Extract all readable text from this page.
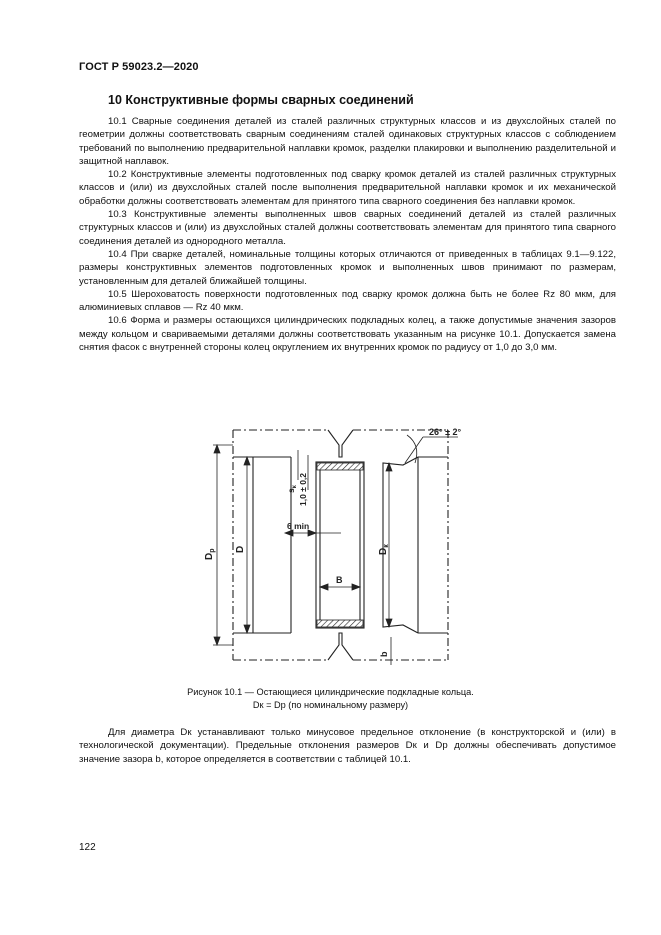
ГОСТ Р 59023.2—2020
10 Конструктивные формы сварных соединений

10.1 Сварные соединения деталей из сталей различных структурных классов и из двухслойных сталей по геометрии должны соответствовать сварным соединениям сталей одинаковых структурных классов с соблюдением требований по выполнению предварительной наплавки кромок, разделки плакировки и выполнению разделительной и защитной наплавок.

10.2 Конструктивные элементы подготовленных под сварку кромок деталей из сталей различных структурных классов и (или) из двухслойных сталей после выполнения предварительной наплавки кромок и их механической обработки должны соответствовать элементам для принятого типа сварного соединения без наплавки кромок.

10.3 Конструктивные элементы выполненных швов сварных соединений деталей из сталей различных структурных классов и (или) из двухслойных сталей должны соответствовать элементам для принятого типа сварного соединения деталей из однородного металла.

10.4 При сварке деталей, номинальные толщины которых отличаются от приведенных в таблицах 9.1—9.122, размеры конструктивных элементов подготовленных кромок и выполненных швов принимают по размерам, установленным для деталей ближайшей толщины.

10.5 Шероховатость поверхности подготовленных под сварку кромок должна быть не более Rz 80 мкм, для алюминиевых сплавов — Rz 40 мкм.

10.6 Форма и размеры остающихся цилиндрических подкладных колец, а также допустимые значения зазоров между кольцом и свариваемыми деталями должны соответствовать указанным на рисунке 10.1. Допускается замена снятия фасок с внутренней стороны колец округлением их внутренних кромок по радиусу от 1,0 до 3,0 мм.

26° ± 2°
$s_к$ 1,0 ± 0,2
6 min
$D_p$ D	$D_к$
B
b
Рисунок 10.1 — Остающиеся цилиндрические подкладные кольца.
Dк = Dр (по номинальному размеру)

Для диаметра Dк устанавливают только минусовое предельное отклонение (в конструкторской и (или) в технологической документации). Предельные отклонения размеров Dк и Dр должны обеспечивать допустимое значение зазора b, которое определяется в соответствии с таблицей 10.1.

122
